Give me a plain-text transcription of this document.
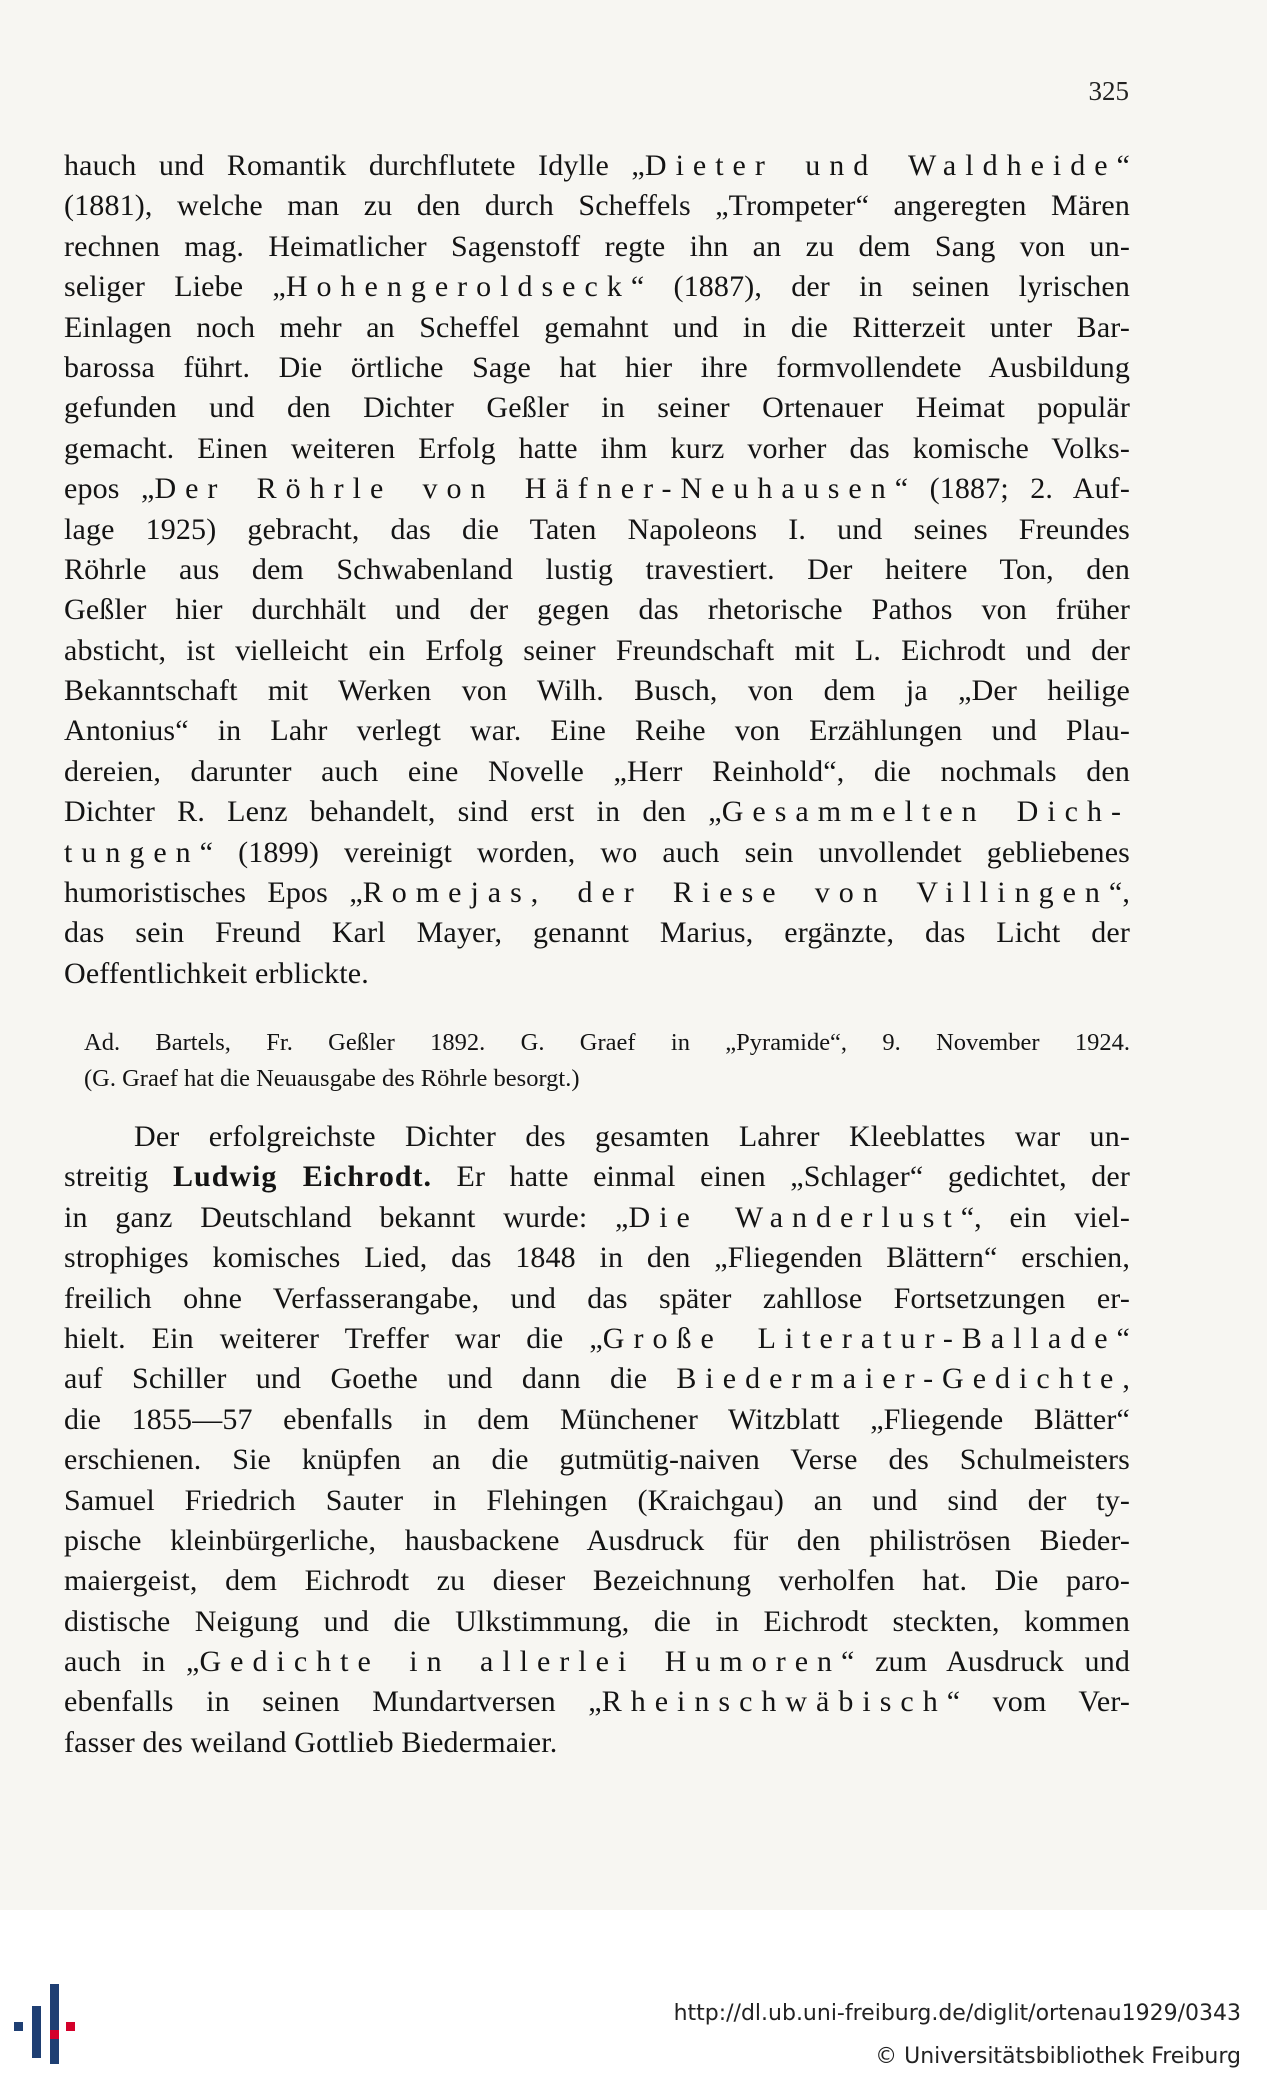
325
hauch und Romantik durchflutete Idylle „Dieter und Waldheide“
(1881), welche man zu den durch Scheffels „Trompeter“ angeregten Mären
rechnen mag. Heimatlicher Sagenstoff regte ihn an zu dem Sang von un-
seliger Liebe „Hohengeroldseck“ (1887), der in seinen lyrischen
Einlagen noch mehr an Scheffel gemahnt und in die Ritterzeit unter Bar-
barossa führt. Die örtliche Sage hat hier ihre formvollendete Ausbildung
gefunden und den Dichter Geßler in seiner Ortenauer Heimat populär
gemacht. Einen weiteren Erfolg hatte ihm kurz vorher das komische Volks-
epos „Der Röhrle von Häfner-Neuhausen“ (1887; 2. Auf-
lage 1925) gebracht, das die Taten Napoleons I. und seines Freundes
Röhrle aus dem Schwabenland lustig travestiert. Der heitere Ton, den
Geßler hier durchhält und der gegen das rhetorische Pathos von früher
absticht, ist vielleicht ein Erfolg seiner Freundschaft mit L. Eichrodt und der
Bekanntschaft mit Werken von Wilh. Busch, von dem ja „Der heilige
Antonius“ in Lahr verlegt war. Eine Reihe von Erzählungen und Plau-
dereien, darunter auch eine Novelle „Herr Reinhold“, die nochmals den
Dichter R. Lenz behandelt, sind erst in den „Gesammelten Dich-
tungen“ (1899) vereinigt worden, wo auch sein unvollendet gebliebenes
humoristisches Epos „Romejas, der Riese von Villingen“,
das sein Freund Karl Mayer, genannt Marius, ergänzte, das Licht der
Oeffentlichkeit erblickte.
Ad. Bartels, Fr. Geßler 1892. G. Graef in „Pyramide“, 9. November 1924.
(G. Graef hat die Neuausgabe des Röhrle besorgt.)
Der erfolgreichste Dichter des gesamten Lahrer Kleeblattes war un-
streitig Ludwig Eichrodt. Er hatte einmal einen „Schlager“ gedichtet, der
in ganz Deutschland bekannt wurde: „Die Wanderlust“, ein viel-
strophiges komisches Lied, das 1848 in den „Fliegenden Blättern“ erschien,
freilich ohne Verfasserangabe, und das später zahllose Fortsetzungen er-
hielt. Ein weiterer Treffer war die „Große Literatur-Ballade“
auf Schiller und Goethe und dann die Biedermaier-Gedichte,
die 1855—57 ebenfalls in dem Münchener Witzblatt „Fliegende Blätter“
erschienen. Sie knüpfen an die gutmütig-naiven Verse des Schulmeisters
Samuel Friedrich Sauter in Flehingen (Kraichgau) an und sind der ty-
pische kleinbürgerliche, hausbackene Ausdruck für den philiströsen Bieder-
maiergeist, dem Eichrodt zu dieser Bezeichnung verholfen hat. Die paro-
distische Neigung und die Ulkstimmung, die in Eichrodt steckten, kommen
auch in „Gedichte in allerlei Humoren“ zum Ausdruck und
ebenfalls in seinen Mundartversen „Rheinschwäbisch“ vom Ver-
fasser des weiland Gottlieb Biedermaier.
http://dl.ub.uni-freiburg.de/diglit/ortenau1929/0343
© Universitätsbibliothek Freiburg
